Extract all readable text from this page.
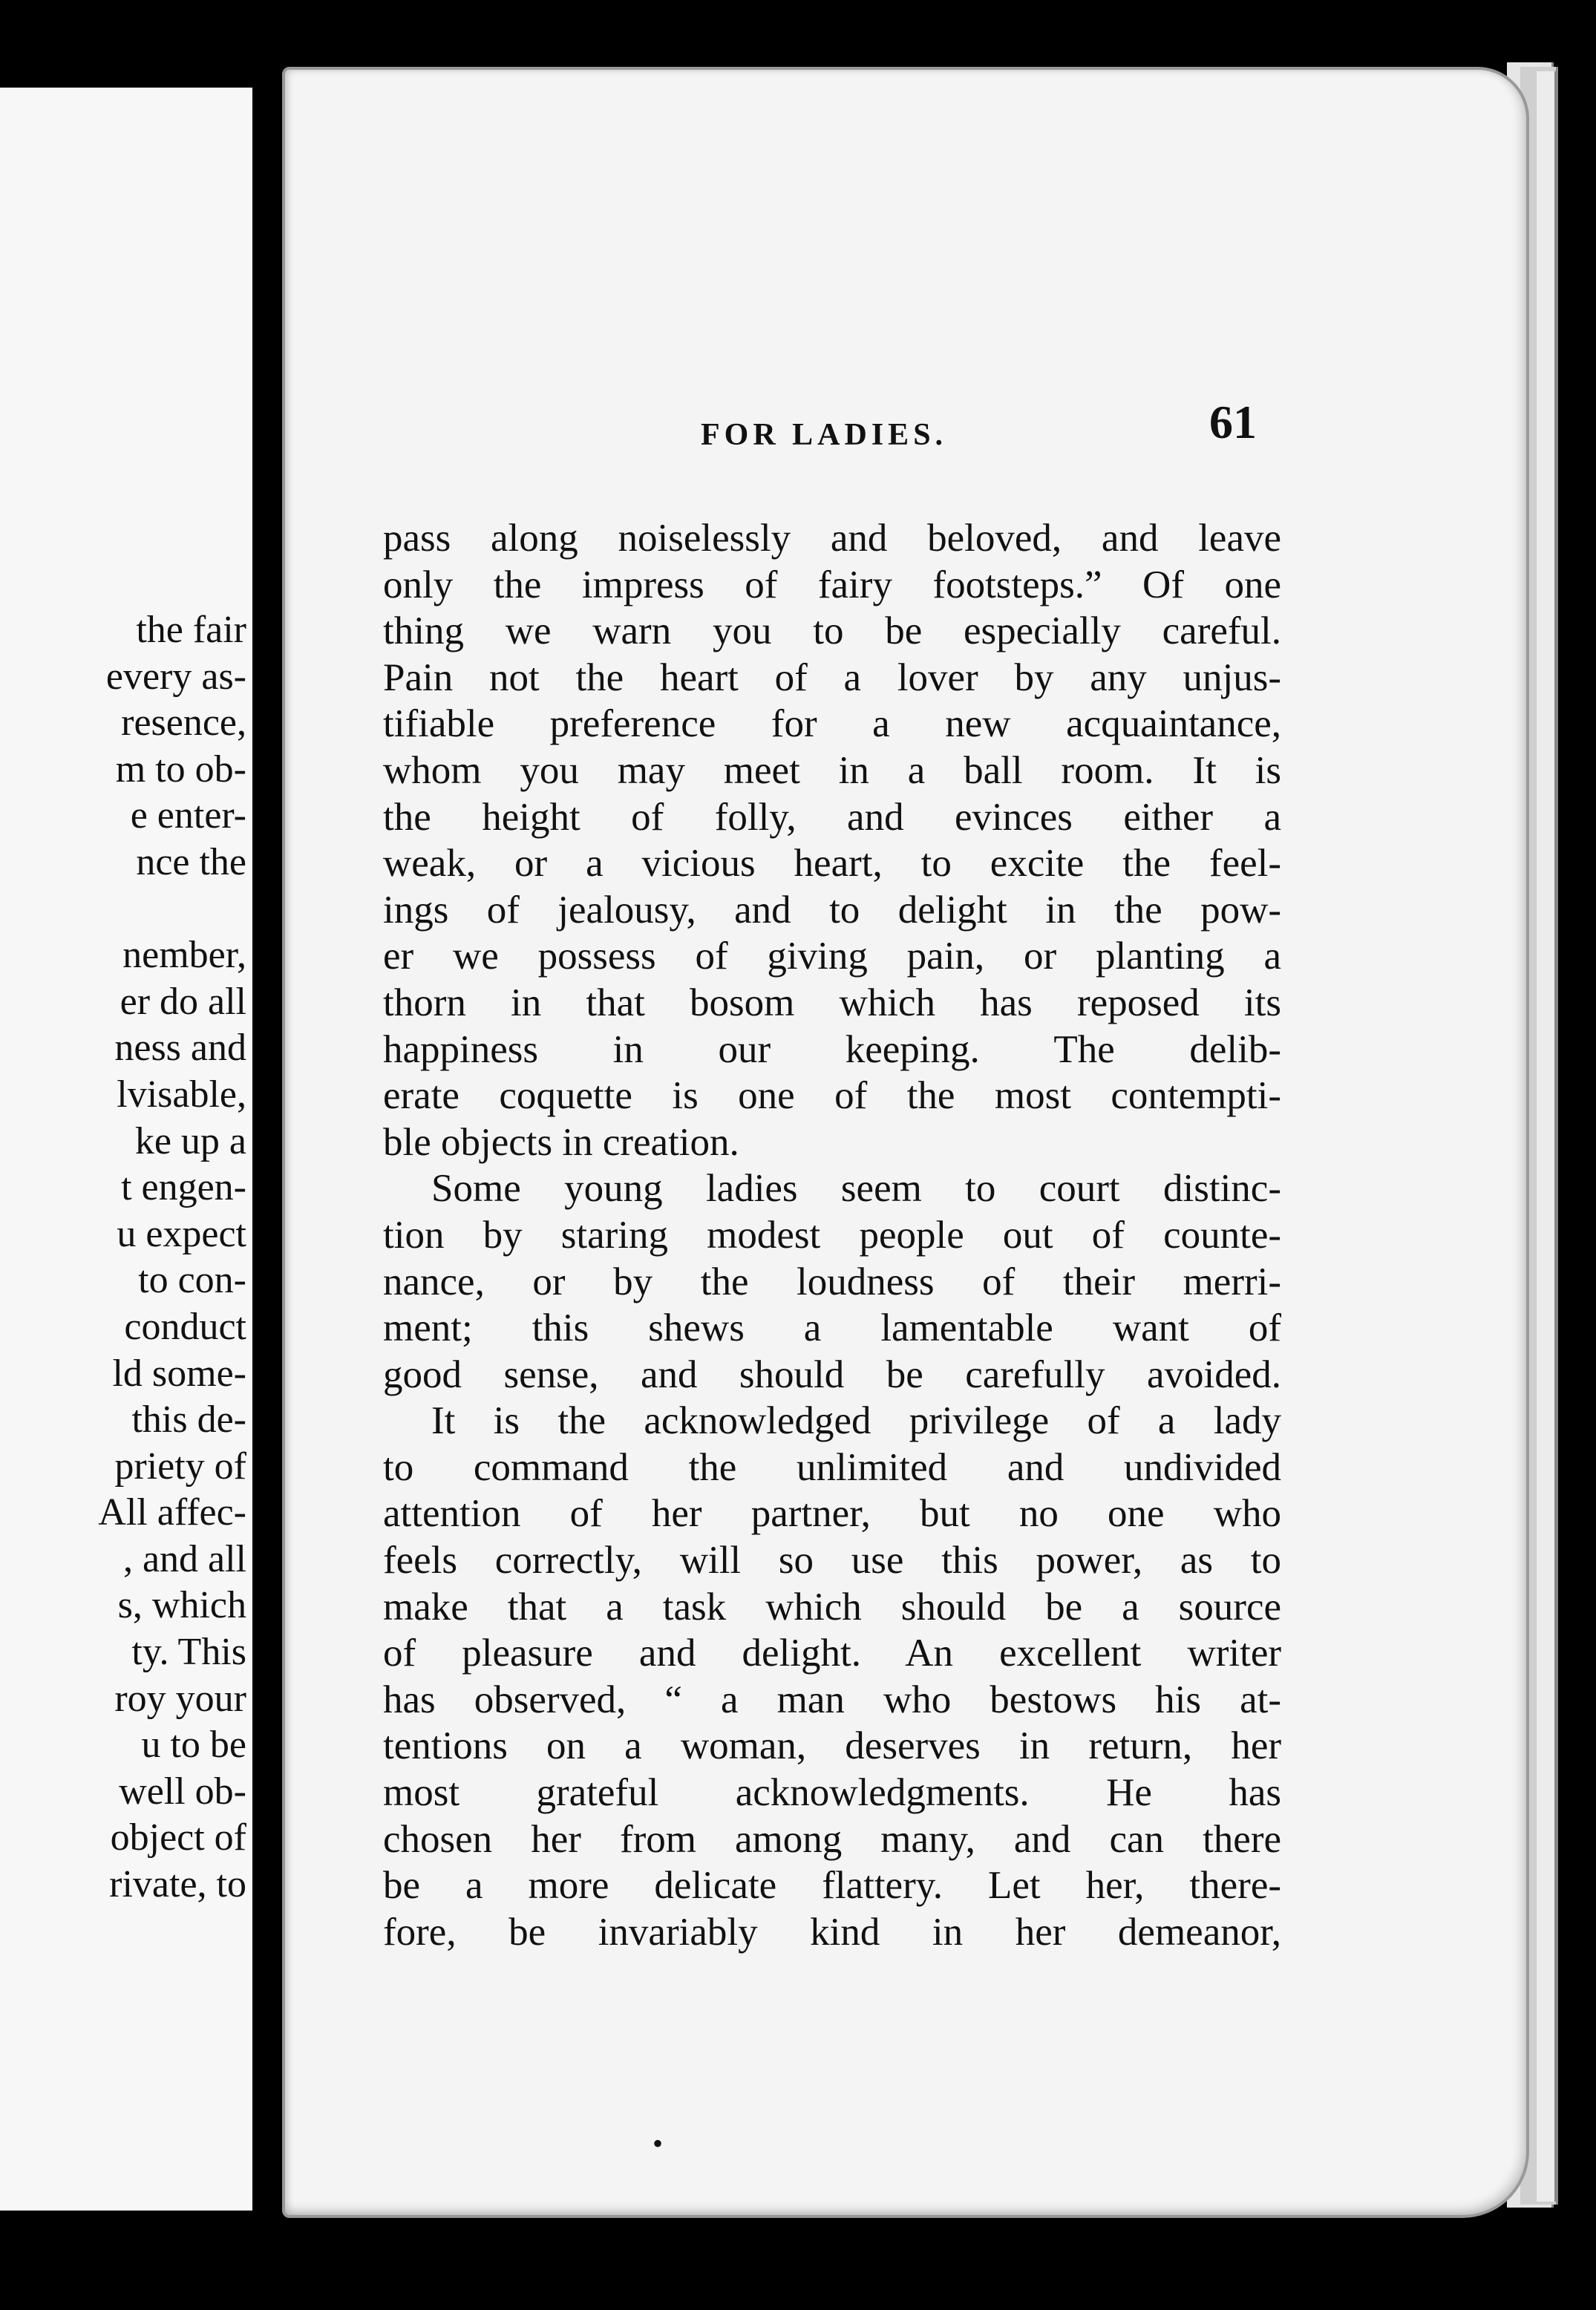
the fair
every as-
resence,
m to ob-
e enter-
nce the
nember,
er do all
ness and
lvisable,
ke up a
t engen-
u expect
to con-
conduct
ld some-
this de-
priety of
All affec-
, and all
s, which
ty. This
roy your
u to be
well ob-
object of
rivate, to
FOR LADIES.	61
pass along noiselessly and beloved, and leave
only the impress of fairy footsteps.” Of one
thing we warn you to be especially careful.
Pain not the heart of a lover by any unjus-
tifiable preference for a new acquaintance,
whom you may meet in a ball room. It is
the height of folly, and evinces either a
weak, or a vicious heart, to excite the feel-
ings of jealousy, and to delight in the pow-
er we possess of giving pain, or planting a
thorn in that bosom which has reposed its
happiness in our keeping. The delib-
erate coquette is one of the most contempti-
ble objects in creation.
Some young ladies seem to court distinc-
tion by staring modest people out of counte-
nance, or by the loudness of their merri-
ment; this shews a lamentable want of
good sense, and should be carefully avoided.
It is the acknowledged privilege of a lady
to command the unlimited and undivided
attention of her partner, but no one who
feels correctly, will so use this power, as to
make that a task which should be a source
of pleasure and delight. An excellent writer
has observed, “ a man who bestows his at-
tentions on a woman, deserves in return, her
most grateful acknowledgments. He has
chosen her from among many, and can there
be a more delicate flattery. Let her, there-
fore, be invariably kind in her demeanor,
•
